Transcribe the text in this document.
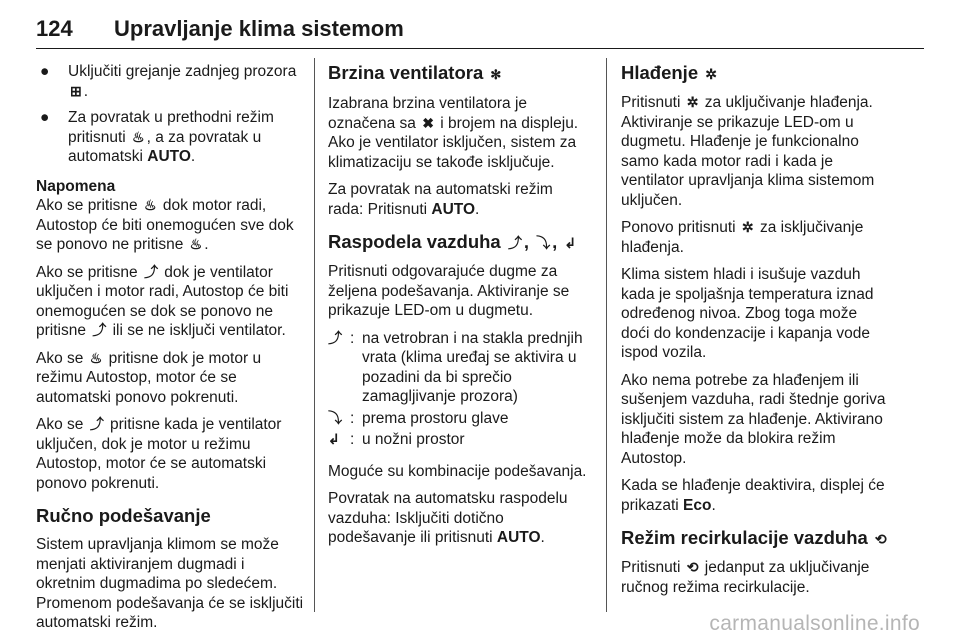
124 Upravljanje klima sistemom
●	Uključiti grejanje zadnjeg prozora ⊞ .
●	Za povratak u prethodni režim pritisnuti ♨ , a za povratak u automatski AUTO.
Napomena

Ako se pritisne ♨ dok motor radi, Autostop će biti onemogućen sve dok se ponovo ne pritisne ♨ .

Ako se pritisne ⤴ dok je ventilator uključen i motor radi, Autostop će biti onemogućen se dok se ponovo ne pritisne ⤴ ili se ne isključi ventilator.

Ako se ♨ pritisne dok je motor u režimu Autostop, motor će se automatski ponovo pokrenuti.

Ako se ⤴ pritisne kada je ventilator uključen, dok je motor u režimu Autostop, motor će se automatski ponovo pokrenuti.

Ručno podešavanje

Sistem upravljanja klimom se može menjati aktiviranjem dugmadi i okretnim dugmadima po sledećem. Promenom podešavanja će se isključiti automatski režim.

Brzina ventilatora ✻

Izabrana brzina ventilatora je označena sa ✖ i brojem na displeju. Ako je ventilator isključen, sistem za klimatizaciju se takođe isključuje.

Za povratak na automatski režim rada: Pritisnuti AUTO.

Raspodela vazduha ⤴ , ⤵ , ↲

Pritisnuti odgovarajuće dugme za željena podešavanja. Aktiviranje se prikazuje LED-om u dugmetu.

⤴ : na vetrobran i na stakla prednjih vrata (klima uređaj se aktivira u pozadini da bi sprečio zamagljivanje prozora)
⤵ : prema prostoru glave
↲ : u nožni prostor

Moguće su kombinacije podešavanja.

Povratak na automatsku raspodelu vazduha: Isključiti dotično podešavanje ili pritisnuti AUTO.

Hlađenje ✲

Pritisnuti ✲ za uključivanje hlađenja. Aktiviranje se prikazuje LED-om u dugmetu. Hlađenje je funkcionalno samo kada motor radi i kada je ventilator upravljanja klima sistemom uključen.

Ponovo pritisnuti ✲ za isključivanje hlađenja.

Klima sistem hladi i isušuje vazduh kada je spoljašnja temperatura iznad određenog nivoa. Zbog toga može doći do kondenzacije i kapanja vode ispod vozila.

Ako nema potrebe za hlađenjem ili sušenjem vazduha, radi štednje goriva isključiti sistem za hlađenje. Aktivirano hlađenje može da blokira režim Autostop.

Kada se hlađenje deaktivira, displej će prikazati Eco.

Režim recirkulacije vazduha ⟲

Pritisnuti ⟲ jedanput za uključivanje ručnog režima recirkulacije.

carmanualsonline.info
